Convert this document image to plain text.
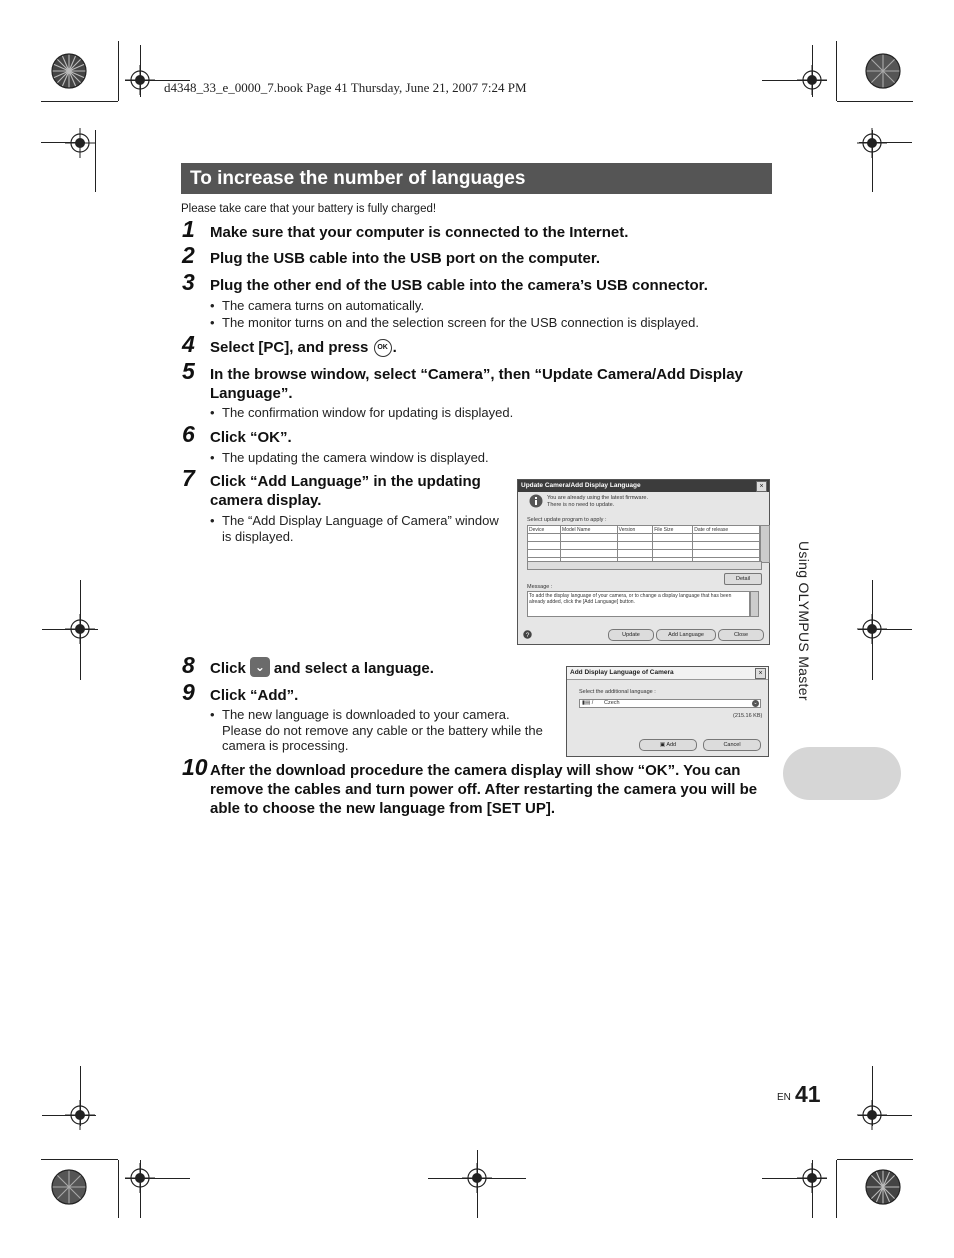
d4348_33_e_0000_7.book Page 41 Thursday, June 21, 2007 7:24 PM
To increase the number of languages
Please take care that your battery is fully charged!
1 Make sure that your computer is connected to the Internet.
2 Plug the USB cable into the USB port on the computer.
3 Plug the other end of the USB cable into the camera’s USB connector.
• The camera turns on automatically.
• The monitor turns on and the selection screen for the USB connection is displayed.
4 Select [PC], and press OK .
5 In the browse window, select “Camera”, then “Update Camera/Add Display Language”.
• The confirmation window for updating is displayed.
6 Click “OK”.
• The updating the camera window is displayed.
7 Click “Add Language” in the updating camera display.
• The “Add Display Language of Camera” window is displayed.
Update Camera/Add Display Language	×
You are already using the latest firmware.
There is no need to update.
Select update program to apply :
Device	Model Name	Version	File Size	Date of release

Detail
Message :
To add the display language of your camera, or to change a display language that has been already added, click the [Add Language] button.
?	Update	Add Language	Close
8 Click ⌄ and select a language.
9 Click “Add”.
• The new language is downloaded to your camera. Please do not remove any cable or the battery while the camera is processing.
Add Display Language of Camera	×
Select the additional language :
▮▤ / Czech	⌄
(215.16 KB)
▣ Add	Cancel
10 After the download procedure the camera display will show “OK”. You can remove the cables and turn power off. After restarting the camera you will be able to choose the new language from [SET UP].
Using OLYMPUS Master
EN 41
